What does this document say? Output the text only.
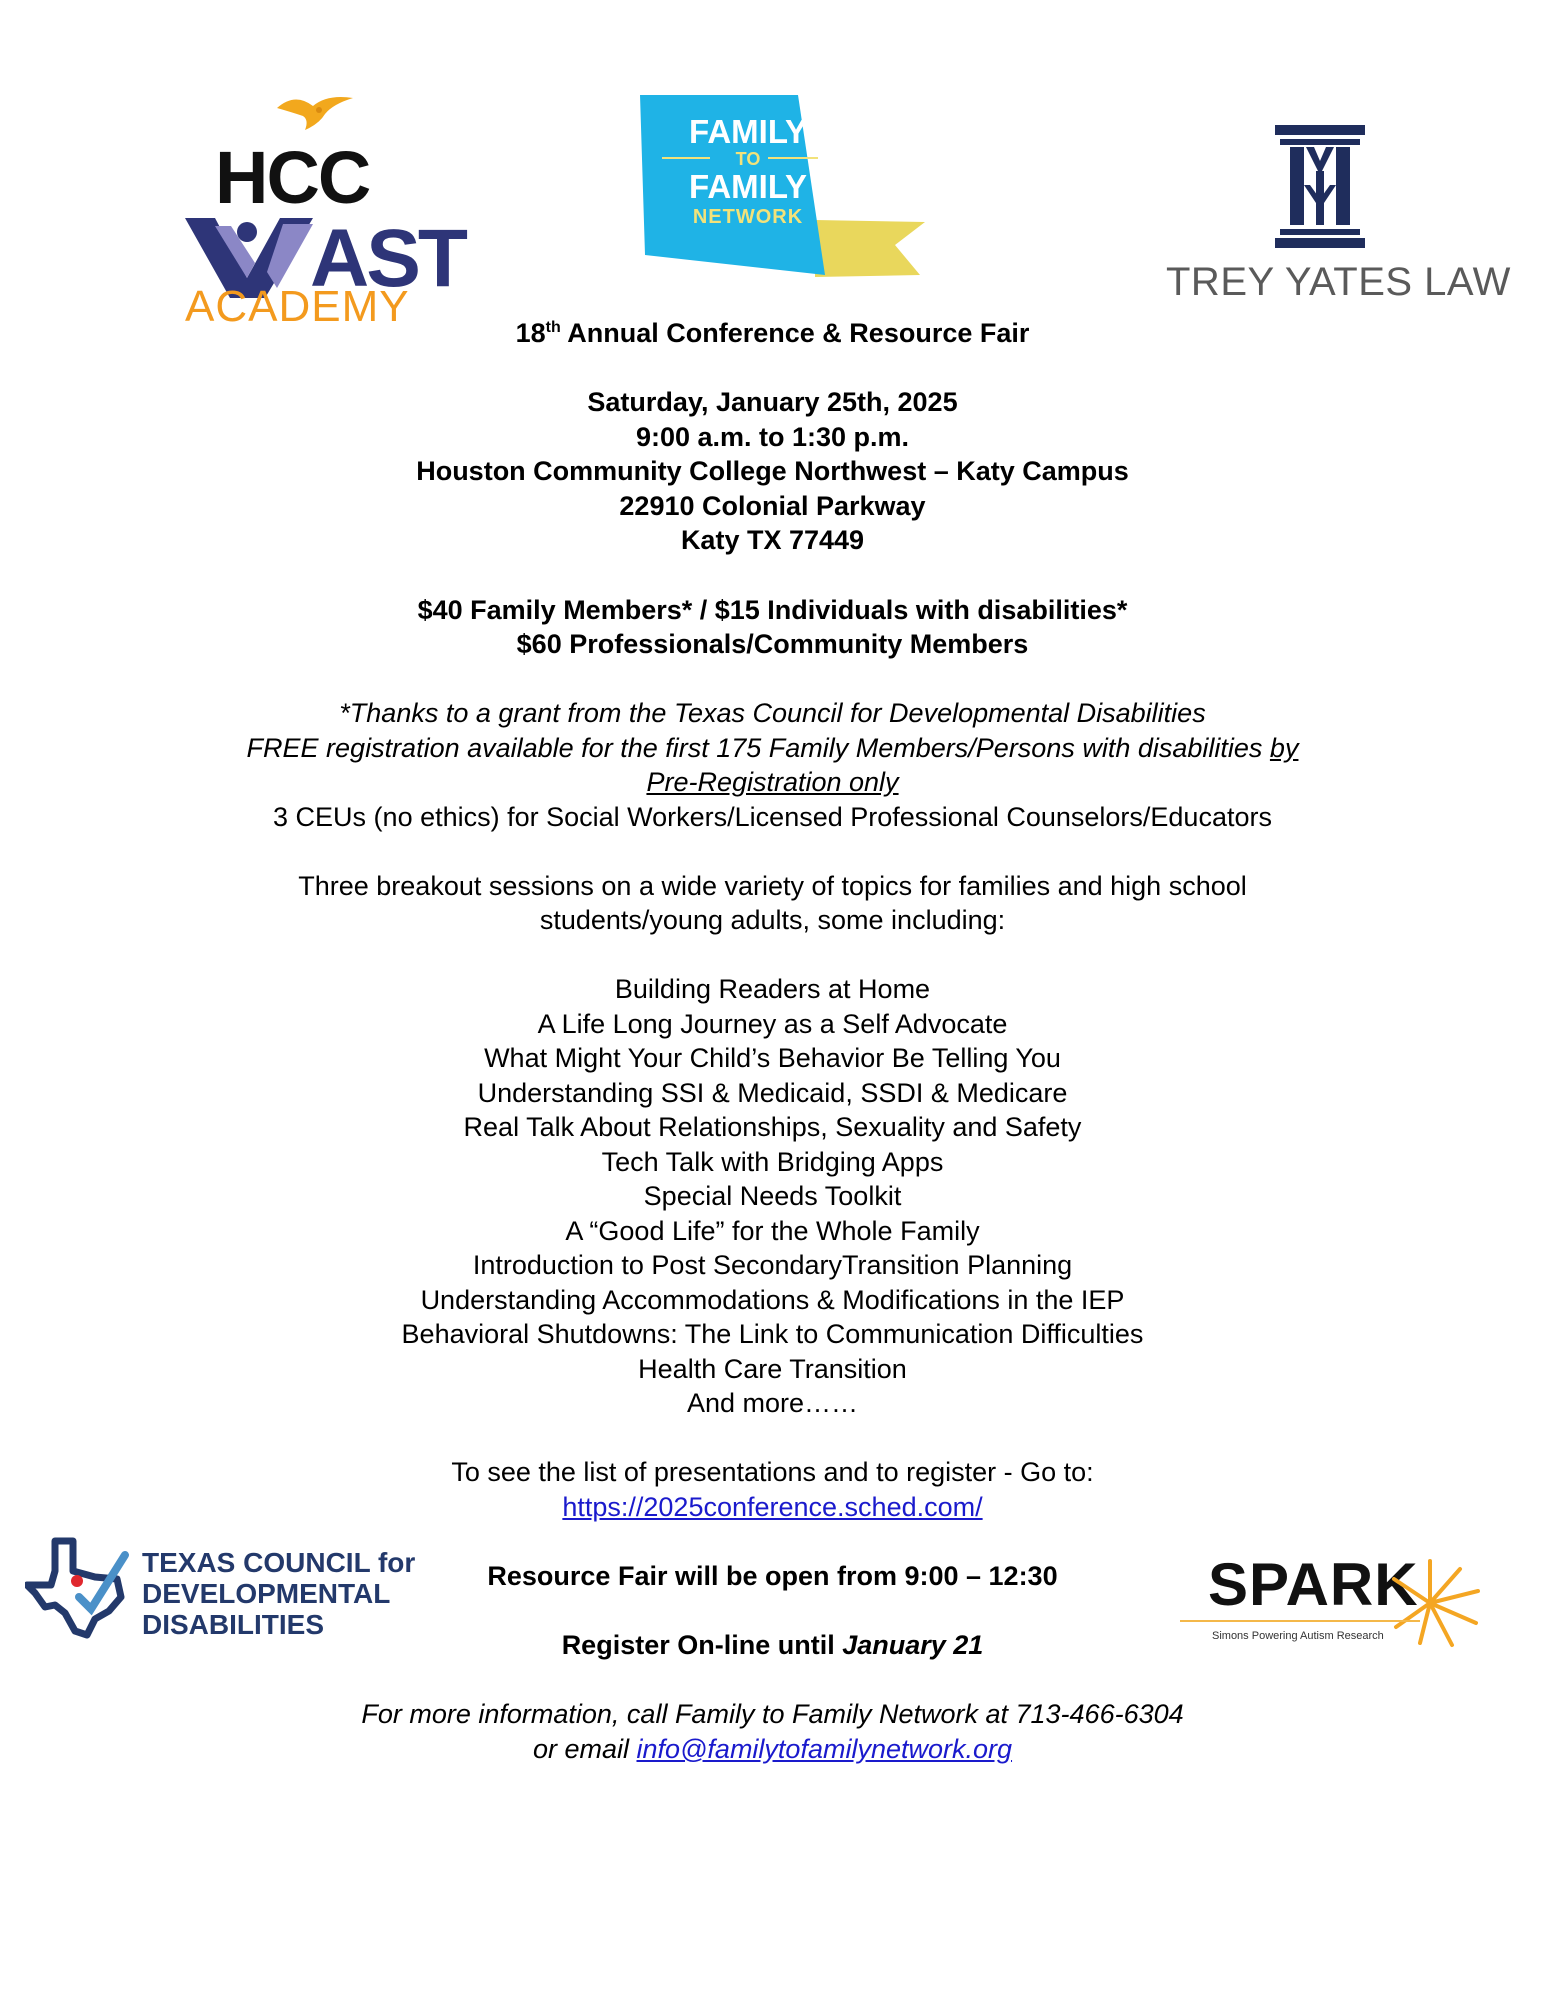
HCC
AST
ACADEMY
FAMILY
TO
FAMILY
NETWORK
TREY YATES LAW
18th Annual Conference & Resource Fair
Saturday, January 25th, 2025
9:00 a.m. to 1:30 p.m.
Houston Community College Northwest – Katy Campus
22910 Colonial Parkway
Katy TX 77449
$40 Family Members* / $15 Individuals with disabilities*
$60 Professionals/Community Members
*Thanks to a grant from the Texas Council for Developmental Disabilities
FREE registration available for the first 175 Family Members/Persons with disabilities by
Pre-Registration only
3 CEUs (no ethics) for Social Workers/Licensed Professional Counselors/Educators
Three breakout sessions on a wide variety of topics for families and high school
students/young adults, some including:
Building Readers at Home
A Life Long Journey as a Self Advocate
What Might Your Child’s Behavior Be Telling You
Understanding SSI & Medicaid, SSDI & Medicare
Real Talk About Relationships, Sexuality and Safety
Tech Talk with Bridging Apps
Special Needs Toolkit
A “Good Life” for the Whole Family
Introduction to Post SecondaryTransition Planning
Understanding Accommodations & Modifications in the IEP
Behavioral Shutdowns: The Link to Communication Difficulties
Health Care Transition
And more……
To see the list of presentations and to register - Go to:
https://2025conference.sched.com/
TEXAS COUNCIL for
DEVELOPMENTAL
DISABILITIES
Resource Fair will be open from 9:00 – 12:30	SPARK
Simons Powering Autism Research
Register On-line until January 21
For more information, call Family to Family Network at 713-466-6304
or email info@familytofamilynetwork.org
